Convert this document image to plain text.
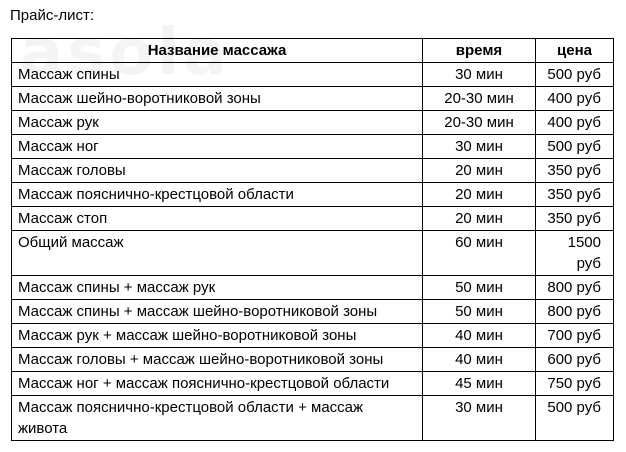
Прайс-лист:
Название массажа	время	цена
Массаж спины	30 мин	500 руб
Массаж шейно-воротниковой зоны	20-30 мин	400 руб
Массаж рук	20-30 мин	400 руб
Массаж ног	30 мин	500 руб
Массаж головы	20 мин	350 руб
Массаж пояснично-крестцовой области	20 мин	350 руб
Массаж стоп	20 мин	350 руб
Общий массаж	60 мин	1500 руб
Массаж спины + массаж рук	50 мин	800 руб
Массаж спины + массаж шейно-воротниковой зоны	50 мин	800 руб
Массаж рук + массаж шейно-воротниковой зоны	40 мин	700 руб
Массаж головы + массаж шейно-воротниковой зоны	40 мин	600 руб
Массаж ног + массаж пояснично-крестцовой области	45 мин	750 руб
Массаж пояснично-крестцовой области + массаж живота	30 мин	500 руб
